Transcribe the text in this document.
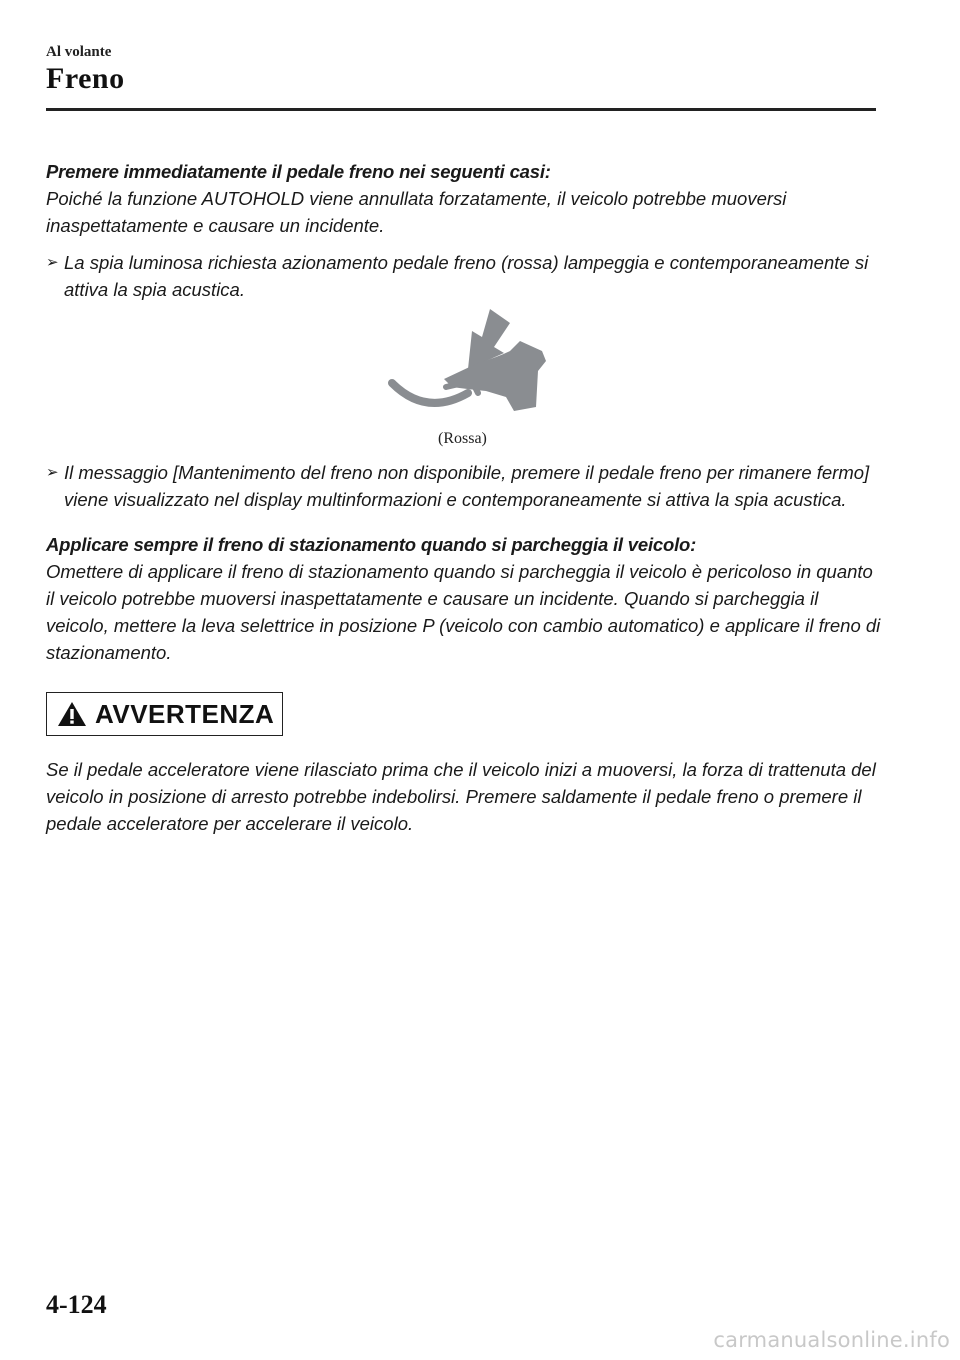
Al volante
Freno
Premere immediatamente il pedale freno nei seguenti casi:
Poiché la funzione AUTOHOLD viene annullata forzatamente, il veicolo potrebbe muoversi inaspettatamente e causare un incidente.
➢ La spia luminosa richiesta azionamento pedale freno (rossa) lampeggia e contemporaneamente si attiva la spia acustica.
(Rossa)
➢ Il messaggio [Mantenimento del freno non disponibile, premere il pedale freno per rimanere fermo] viene visualizzato nel display multinformazioni e contemporaneamente si attiva la spia acustica.
Applicare sempre il freno di stazionamento quando si parcheggia il veicolo:
Omettere di applicare il freno di stazionamento quando si parcheggia il veicolo è pericoloso in quanto il veicolo potrebbe muoversi inaspettatamente e causare un incidente. Quando si parcheggia il veicolo, mettere la leva selettrice in posizione P (veicolo con cambio automatico) e applicare il freno di stazionamento.
AVVERTENZA
Se il pedale acceleratore viene rilasciato prima che il veicolo inizi a muoversi, la forza di trattenuta del veicolo in posizione di arresto potrebbe indebolirsi. Premere saldamente il pedale freno o premere il pedale acceleratore per accelerare il veicolo.
4-124
carmanualsonline.info
